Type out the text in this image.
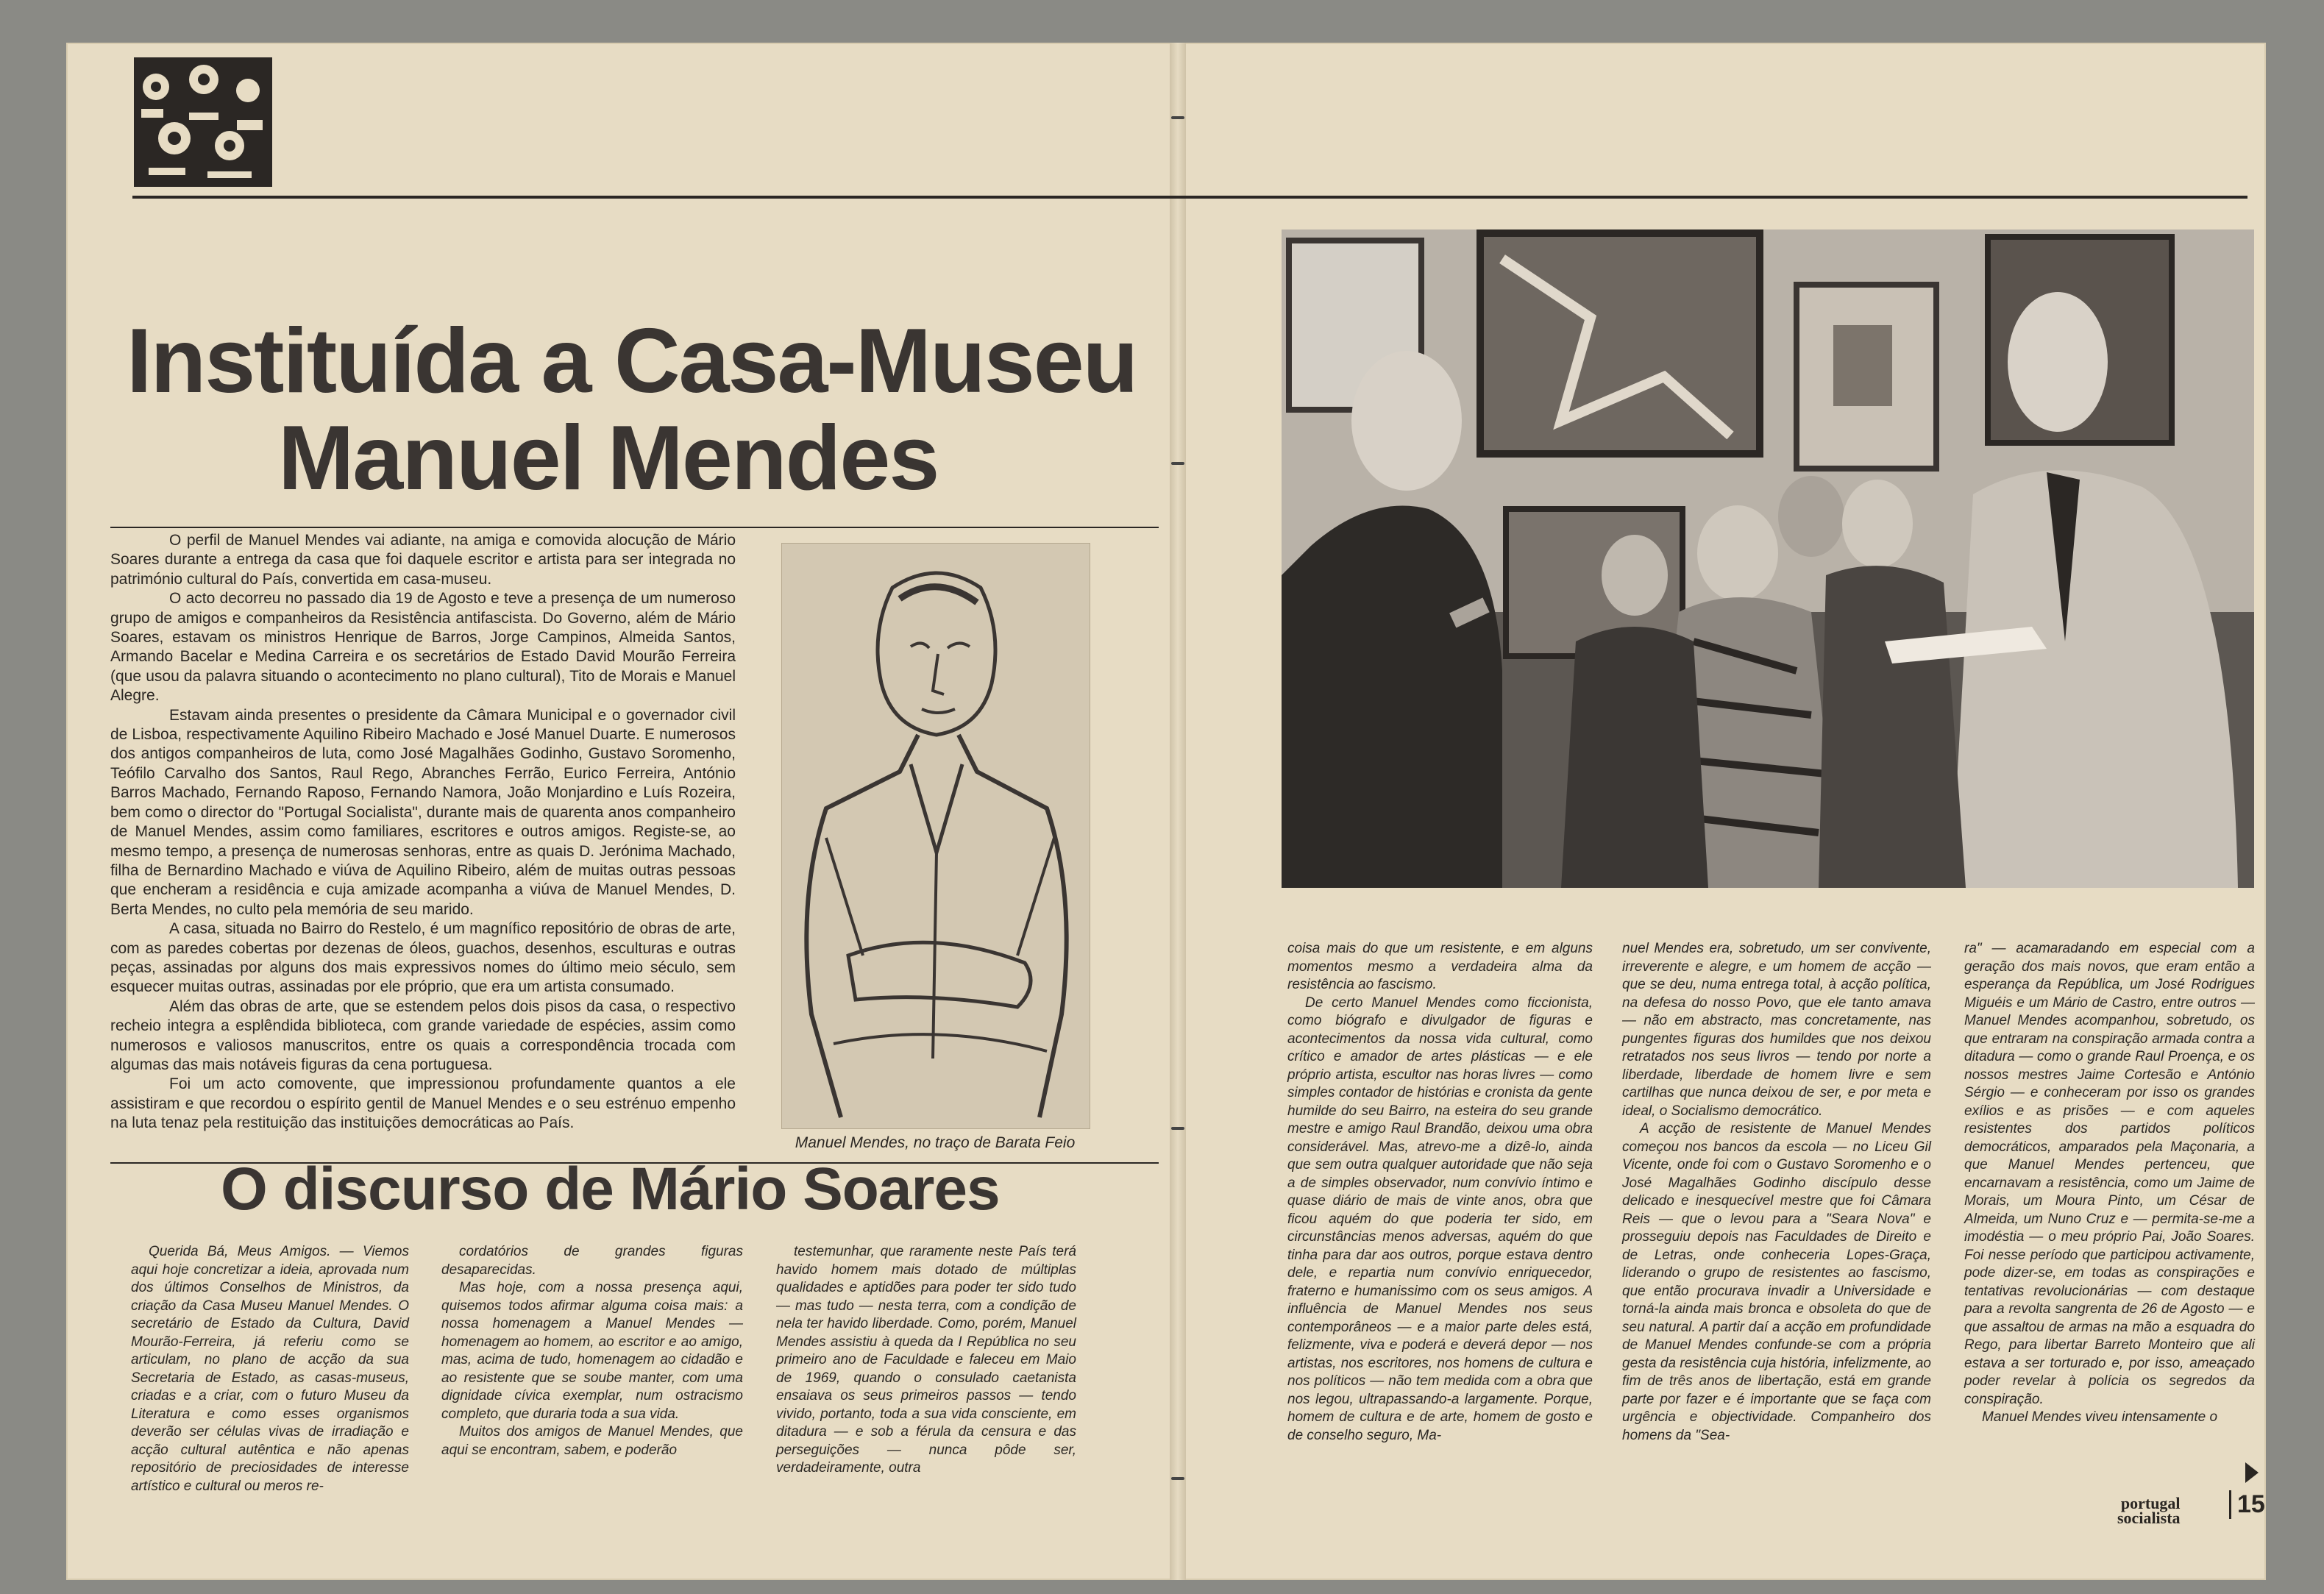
Instituída a Casa-Museu
Manuel Mendes

O perfil de Manuel Mendes vai adiante, na amiga e comovida alocução de Mário Soares durante a entrega da casa que foi daquele escritor e artista para ser integrada no património cultural do País, convertida em casa-museu.

O acto decorreu no passado dia 19 de Agosto e teve a presença de um numeroso grupo de amigos e companheiros da Resistência antifascista. Do Governo, além de Mário Soares, estavam os ministros Henrique de Barros, Jorge Campinos, Almeida Santos, Armando Bacelar e Medina Carreira e os secretários de Estado David Mourão Ferreira (que usou da palavra situando o acontecimento no plano cultural), Tito de Morais e Manuel Alegre.

Estavam ainda presentes o presidente da Câmara Municipal e o governador civil de Lisboa, respectivamente Aquilino Ribeiro Machado e José Manuel Duarte. E numerosos dos antigos companheiros de luta, como José Magalhães Godinho, Gustavo Soromenho, Teófilo Carvalho dos Santos, Raul Rego, Abranches Ferrão, Eurico Ferreira, António Barros Machado, Fernando Raposo, Fernando Namora, João Monjardino e Luís Rozeira, bem como o director do "Portugal Socialista", durante mais de quarenta anos companheiro de Manuel Mendes, assim como familiares, escritores e outros amigos. Registe-se, ao mesmo tempo, a presença de numerosas senhoras, entre as quais D. Jerónima Machado, filha de Bernardino Machado e viúva de Aquilino Ribeiro, além de muitas outras pessoas que encheram a residência e cuja amizade acompanha a viúva de Manuel Mendes, D. Berta Mendes, no culto pela memória de seu marido.

A casa, situada no Bairro do Restelo, é um magnífico repositório de obras de arte, com as paredes cobertas por dezenas de óleos, guachos, desenhos, esculturas e outras peças, assinadas por alguns dos mais expressivos nomes do último meio século, sem esquecer muitas outras, assinadas por ele próprio, que era um artista consumado.

Além das obras de arte, que se estendem pelos dois pisos da casa, o respectivo recheio integra a esplêndida biblioteca, com grande variedade de espécies, assim como numerosos e valiosos manuscritos, entre os quais a correspondência trocada com algumas das mais notáveis figuras da cena portuguesa.

Foi um acto comovente, que impressionou profundamente quantos a ele assistiram e que recordou o espírito gentil de Manuel Mendes e o seu estrénuo empenho na luta tenaz pela restituição das instituições democráticas ao País.

Manuel Mendes, no traço de Barata Feio
O discurso de Mário Soares

Querida Bá, Meus Amigos. — Viemos aqui hoje concretizar a ideia, aprovada num dos últimos Conselhos de Ministros, da criação da Casa Museu Manuel Mendes. O secretário de Estado da Cultura, David Mourão-Ferreira, já referiu como se articulam, no plano de acção da sua Secretaria de Estado, as casas-museus, criadas e a criar, com o futuro Museu da Literatura e como esses organismos deverão ser células vivas de irradiação e acção cultural autêntica e não apenas repositório de preciosidades de interesse artístico e cultural ou meros re-

cordatórios de grandes figuras desaparecidas.

Mas hoje, com a nossa presença aqui, quisemos todos afirmar alguma coisa mais: a nossa homenagem a Manuel Mendes — homenagem ao homem, ao escritor e ao amigo, mas, acima de tudo, homenagem ao cidadão e ao resistente que se soube manter, com uma dignidade cívica exemplar, num ostracismo completo, que duraria toda a sua vida.

Muitos dos amigos de Manuel Mendes, que aqui se encontram, sabem, e poderão

testemunhar, que raramente neste País terá havido homem mais dotado de múltiplas qualidades e aptidões para poder ter sido tudo — mas tudo — nesta terra, com a condição de nela ter havido liberdade. Como, porém, Manuel Mendes assistiu à queda da I República no seu primeiro ano de Faculdade e faleceu em Maio de 1969, quando o consulado caetanista ensaiava os seus primeiros passos — tendo vivido, portanto, toda a sua vida consciente, em ditadura — e sob a férula da censura e das perseguições — nunca pôde ser, verdadeiramente, outra

coisa mais do que um resistente, e em alguns momentos mesmo a verdadeira alma da resistência ao fascismo.

De certo Manuel Mendes como ficcionista, como biógrafo e divulgador de figuras e acontecimentos da nossa vida cultural, como crítico e amador de artes plásticas — e ele próprio artista, escultor nas horas livres — como simples contador de histórias e cronista da gente humilde do seu Bairro, na esteira do seu grande mestre e amigo Raul Brandão, deixou uma obra considerável. Mas, atrevo-me a dizê-lo, ainda que sem outra qualquer autoridade que não seja a de simples observador, num convívio íntimo e quase diário de mais de vinte anos, obra que ficou aquém do que poderia ter sido, em circunstâncias menos adversas, aquém do que tinha para dar aos outros, porque estava dentro dele, e repartia num convívio enriquecedor, fraterno e humanissimo com os seus amigos. A influência de Manuel Mendes nos seus contemporâneos — e a maior parte deles está, felizmente, viva e poderá e deverá depor — nos artistas, nos escritores, nos homens de cultura e nos políticos — não tem medida com a obra que nos legou, ultrapassando-a largamente. Porque, homem de cultura e de arte, homem de gosto e de conselho seguro, Ma-

nuel Mendes era, sobretudo, um ser convivente, irreverente e alegre, e um homem de acção — que se deu, numa entrega total, à acção política, na defesa do nosso Povo, que ele tanto amava — não em abstracto, mas concretamente, nas pungentes figuras dos humildes que nos deixou retratados nos seus livros — tendo por norte a liberdade, liberdade de homem livre e sem cartilhas que nunca deixou de ser, e por meta e ideal, o Socialismo democrático.

A acção de resistente de Manuel Mendes começou nos bancos da escola — no Liceu Gil Vicente, onde foi com o Gustavo Soromenho e o José Magalhães Godinho discípulo desse delicado e inesquecível mestre que foi Câmara Reis — que o levou para a "Seara Nova" e prosseguiu depois nas Faculdades de Direito e de Letras, onde conheceria Lopes-Graça, liderando o grupo de resistentes ao fascismo, que então procurava invadir a Universidade e torná-la ainda mais bronca e obsoleta do que de seu natural. A partir daí a acção em profundidade de Manuel Mendes confunde-se com a própria gesta da resistência cuja história, infelizmente, ao fim de três anos de libertação, está em grande parte por fazer e é importante que se faça com urgência e objectividade. Companheiro dos homens da "Sea-

ra" — acamaradando em especial com a geração dos mais novos, que eram então a esperança da República, um José Rodrigues Miguéis e um Mário de Castro, entre outros — Manuel Mendes acompanhou, sobretudo, os que entraram na conspiração armada contra a ditadura — como o grande Raul Proença, e os nossos mestres Jaime Cortesão e António Sérgio — e conheceram por isso os grandes exílios e as prisões — e com aqueles resistentes dos partidos políticos democráticos, amparados pela Maçonaria, a que Manuel Mendes pertenceu, que encarnavam a resistência, como um Jaime de Morais, um Moura Pinto, um César de Almeida, um Nuno Cruz e — permita-se-me a imodéstia — o meu próprio Pai, João Soares. Foi nesse período que participou activamente, pode dizer-se, em todas as conspirações e tentativas revolucionárias — com destaque para a revolta sangrenta de 26 de Agosto — e que assaltou de armas na mão a esquadra do Rego, para libertar Barreto Monteiro que ali estava a ser torturado e, por isso, ameaçado poder revelar à polícia os segredos da conspiração.

Manuel Mendes viveu intensamente o

portugal
socialista	15
